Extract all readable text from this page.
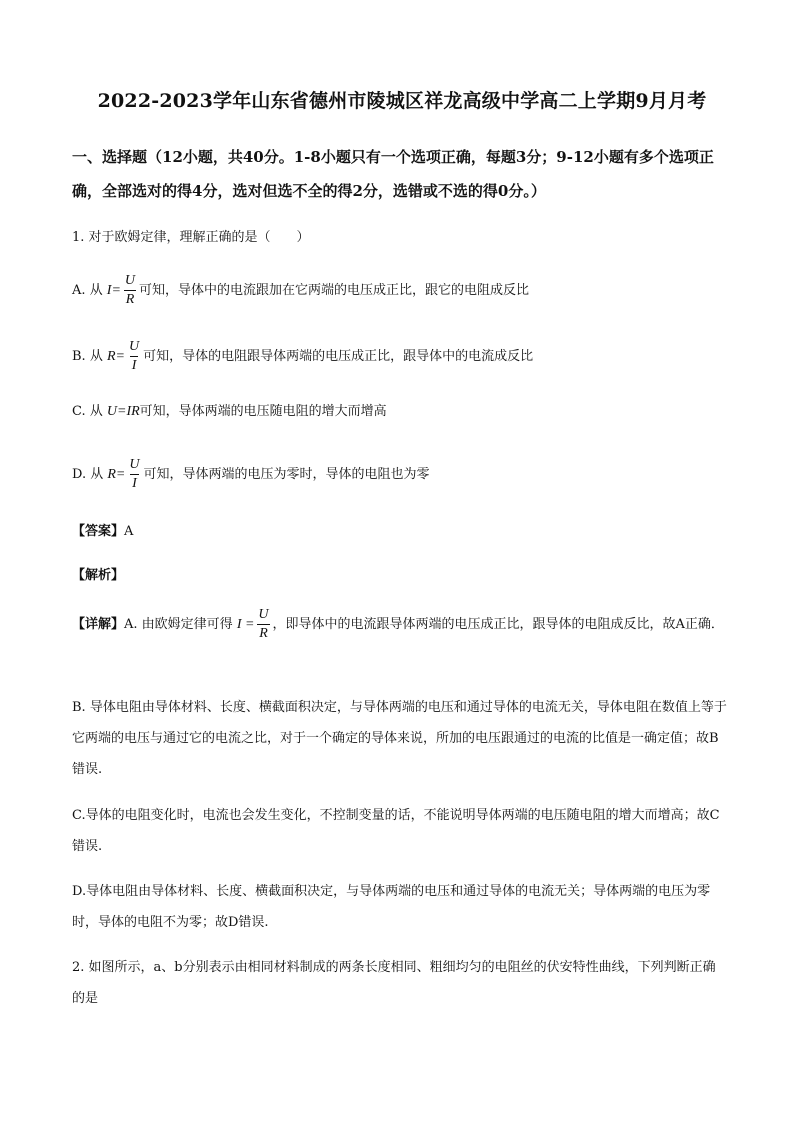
2022-2023学年山东省德州市陵城区祥龙高级中学高二上学期9月月考
一、选择题（12小题，共40分。1-8小题只有一个选项正确，每题3分；9-12小题有多个选项正确，全部选对的得4分，选对但选不全的得2分，选错或不选的得0分。）
1. 对于欧姆定律，理解正确的是（　　）
A. 从 $I= \frac{U}{R}$ 可知，导体中的电流跟加在它两端的电压成正比，跟它的电阻成反比
B. 从 $R= \frac{U}{I}$ 可知，导体的电阻跟导体两端的电压成正比，跟导体中的电流成反比
C. 从 U=IR可知，导体两端的电压随电阻的增大而增高
D. 从 $R= \frac{U}{I}$ 可知，导体两端的电压为零时，导体的电阻也为零
【答案】A
【解析】
【详解】A. 由欧姆定律可得 $I = \frac{U}{R}$ ，即导体中的电流跟导体两端的电压成正比，跟导体的电阻成反比，故A正确．
B. 导体电阻由导体材料、长度、横截面积决定，与导体两端的电压和通过导体的电流无关，导体电阻在数值上等于它两端的电压与通过它的电流之比，对于一个确定的导体来说，所加的电压跟通过的电流的比值是一确定值；故B错误.
C.导体的电阻变化时，电流也会发生变化，不控制变量的话，不能说明导体两端的电压随电阻的增大而增高；故C错误.
D.导体电阻由导体材料、长度、横截面积决定，与导体两端的电压和通过导体的电流无关；导体两端的电压为零时，导体的电阻不为零；故D错误.
2. 如图所示，a、b分别表示由相同材料制成的两条长度相同、粗细均匀的电阻丝的伏安特性曲线，下列判断正确的是
